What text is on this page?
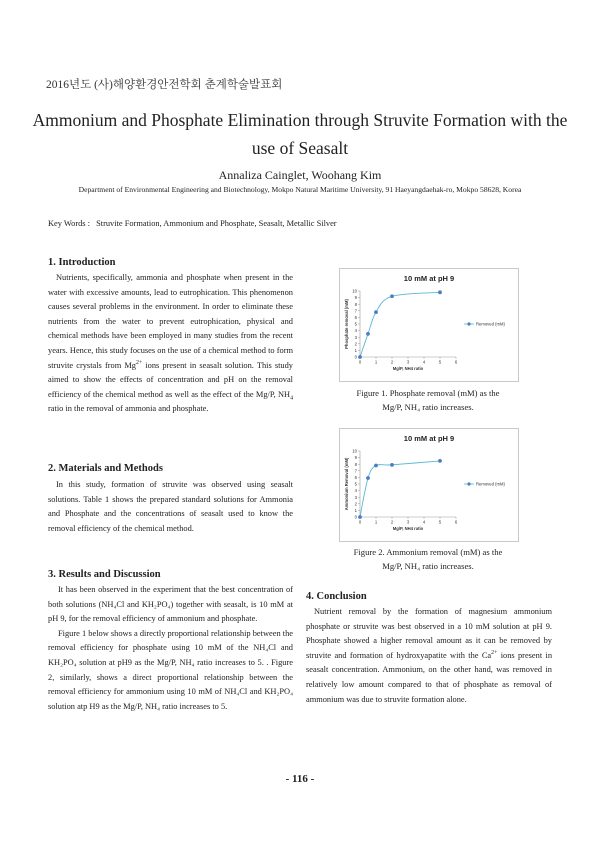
2016년도 (사)해양환경안전학회 춘계학술발표회
Ammonium and Phosphate Elimination through Struvite Formation with the
use of Seasalt
Annaliza Cainglet, Woohang Kim
Department of Environmental Engineering and Biotechnology, Mokpo Natural Maritime University, 91 Haeyangdaehak-ro, Mokpo 58628, Korea
Key Words : Struvite Formation, Ammonium and Phosphate, Seasalt, Metallic Silver
1. Introduction
Nutrients, specifically, ammonia and phosphate when present in the water with excessive amounts, lead to eutrophication. This phenomenon causes several problems in the environment. In order to eliminate these nutrients from the water to prevent eutrophication, physical and chemical methods have been employed in many studies from the recent years. Hence, this study focuses on the use of a chemical method to form struvite crystals from $Mg^{2+}$ ions present in seasalt solution. This study aimed to show the effects of concentration and pH on the removal efficiency of the chemical method as well as the effect of the Mg/P, $NH_4$ ratio in the removal of ammonia and phosphate.
2. Materials and Methods
In this study, formation of struvite was observed using seasalt solutions. Table 1 shows the prepared standard solutions for Ammonia and Phosphate and the concentrations of seasalt used to know the removal efficiency of the chemical method.
3. Results and Discussion

It has been observed in the experiment that the best concentration of both solutions (NH₄Cl and KH₂PO₄) together with seasalt, is 10 mM at pH 9, for the removal efficiency of ammonium and phosphate.

Figure 1 below shows a directly proportional relationship between the removal efficiency for phosphate using 10 mM of the NH₄Cl and KH₂PO₄ solution at pH9 as the Mg/P, NH₄ ratio increases to 5. . Figure 2, similarly, shows a direct proportional relationship between the removal efficiency for ammonium using 10 mM of NH₄Cl and KH₂PO₄ solution atp H9 as the Mg/P, NH₄ ratio increases to 5.

10 mM at pH 9
0
1
2
3
4
5
6
7
8
9
10
0	1	2	3	4	5	6
Mg/P, NH4 ratio
Phosphate removal (mM)	Removed (mM)
Figure 1. Phosphate removal (mM) as the
Mg/P, NH₄ ratio increases.
10 mM at pH 9
0
1
2
3
4
5
6
7
8
9
10
0	1	2	3	4	5	6
Mg/P, NH4 ratio
Ammonium Removal (mM)	Removed (mM)
Figure 2. Ammonium removal (mM) as the
Mg/P, NH₄ ratio increases.
4. Conclusion
Nutrient removal by the formation of magnesium ammonium phosphate or struvite was best observed in a 10 mM solution at pH 9. Phosphate showed a higher removal amount as it can be removed by struvite and formation of hydroxyapatite with the $Ca^{2+}$ ions present in seasalt concentration. Ammonium, on the other hand, was removed in relatively low amount compared to that of phosphate as removal of ammonium was due to struvite formation alone.
- 116 -
